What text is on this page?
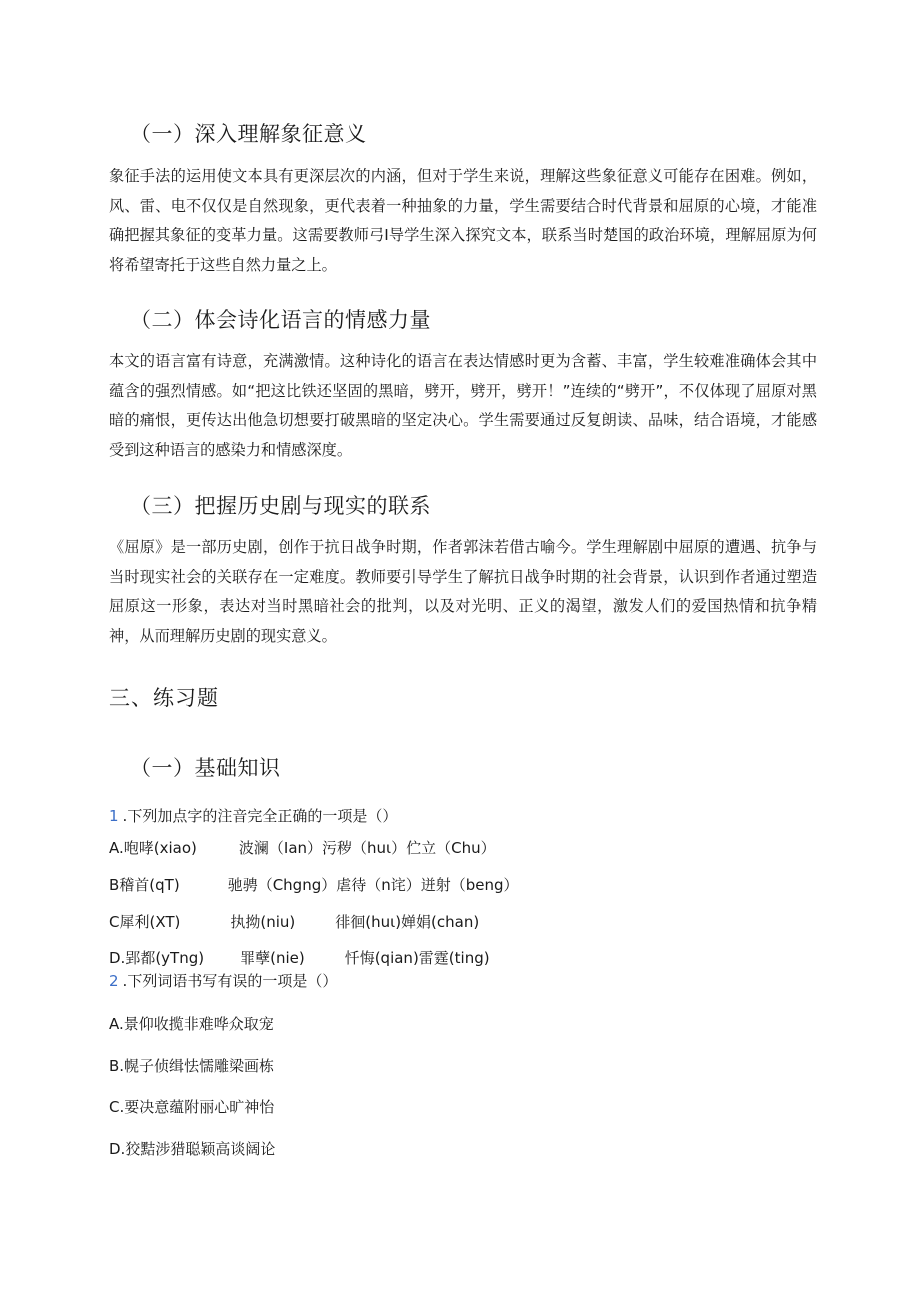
（一）深入理解象征意义
象征手法的运用使文本具有更深层次的内涵，但对于学生来说，理解这些象征意义可能存在困难。例如，风、雷、电不仅仅是自然现象，更代表着一种抽象的力量，学生需要结合时代背景和屈原的心境，才能准确把握其象征的变革力量。这需要教师弓I导学生深入探究文本，联系当时楚国的政治环境，理解屈原为何将希望寄托于这些自然力量之上。
（二）体会诗化语言的情感力量
本文的语言富有诗意，充满激情。这种诗化的语言在表达情感时更为含蓄、丰富，学生较难准确体会其中蕴含的强烈情感。如“把这比铁还坚固的黑暗，劈开，劈开，劈开！”连续的“劈开”，不仅体现了屈原对黑暗的痛恨，更传达出他急切想要打破黑暗的坚定决心。学生需要通过反复朗读、品味，结合语境，才能感受到这种语言的感染力和情感深度。
（三）把握历史剧与现实的联系
《屈原》是一部历史剧，创作于抗日战争时期，作者郭沫若借古喻今。学生理解剧中屈原的遭遇、抗争与当时现实社会的关联存在一定难度。教师要引导学生了解抗日战争时期的社会背景，认识到作者通过塑造屈原这一形象，表达对当时黑暗社会的批判，以及对光明、正义的渴望，激发人们的爱国热情和抗争精神，从而理解历史剧的现实意义。
三、练习题
（一）基础知识
1 .下列加点字的注音完全正确的一项是（）
A.咆哮(xiao)	波澜（Ian）污秽（huι）伫立（Chu）
B稽首(qT)	驰骋（Chgng）虐待（n诧）迸射（beng）
C犀利(XT)	执拗(niu)	徘徊(huι)婵娟(chan)
D.郢都(yTng) 罪孽(nie)	忏悔(qian)雷霆(ting)
2 .下列词语书写有误的一项是（）
A.景仰收揽非难哗众取宠
B.幌子侦缉怯懦雕梁画栋
C.要决意蕴附丽心旷神怡
D.狡黠涉猎聪颖高谈阔论
